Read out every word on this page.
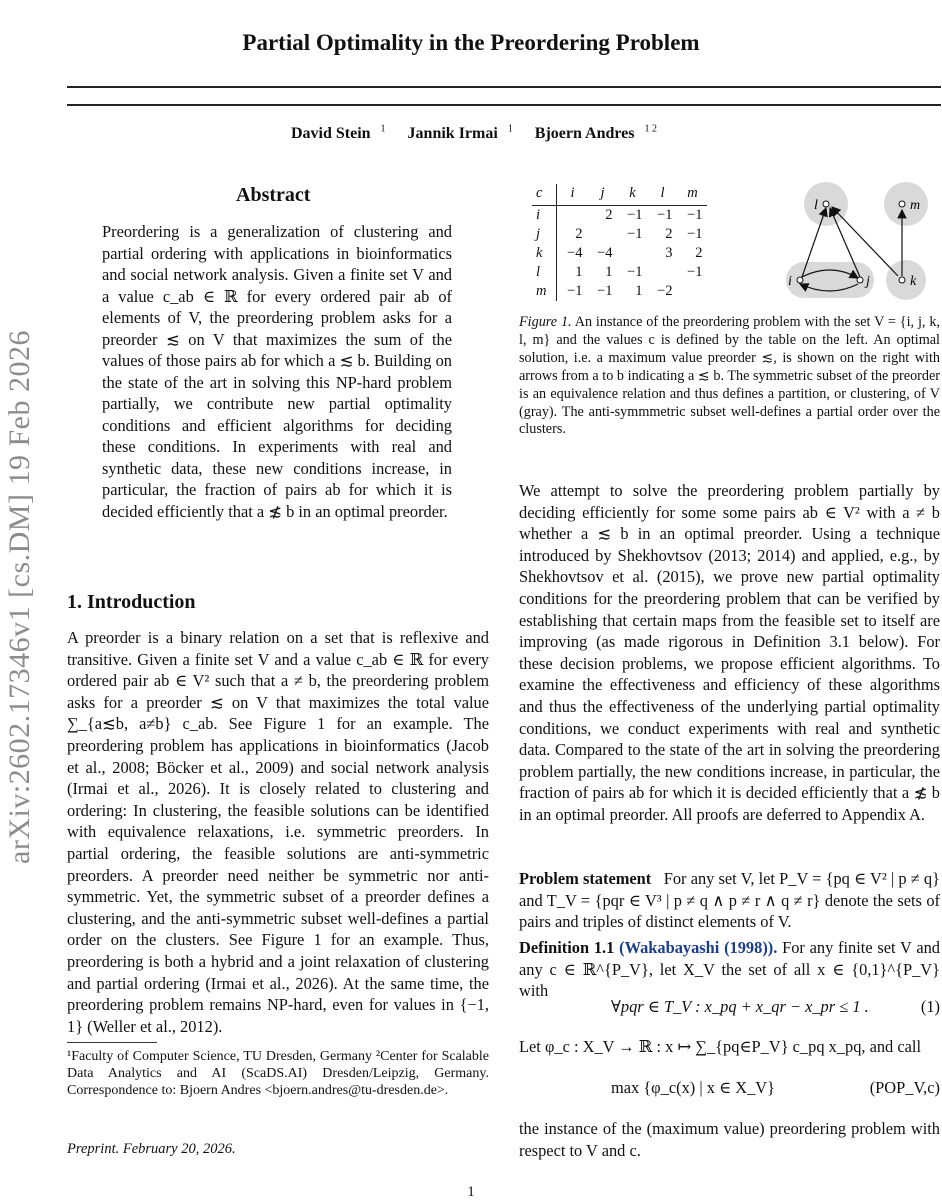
Partial Optimality in the Preordering Problem
David Stein $^1$ Jannik Irmai $^1$ Bjoern Andres $^{1 2}$
arXiv:2602.17346v1 [cs.DM] 19 Feb 2026
Abstract
Preordering is a generalization of clustering and partial ordering with applications in bioinformatics and social network analysis. Given a finite set V and a value c_ab ∈ ℝ for every ordered pair ab of elements of V, the preordering problem asks for a preorder ≲ on V that maximizes the sum of the values of those pairs ab for which a ≲ b. Building on the state of the art in solving this NP-hard problem partially, we contribute new partial optimality conditions and efficient algorithms for deciding these conditions. In experiments with real and synthetic data, these new conditions increase, in particular, the fraction of pairs ab for which it is decided efficiently that a ≴ b in an optimal preorder.
1. Introduction
A preorder is a binary relation on a set that is reflexive and transitive. Given a finite set V and a value c_ab ∈ ℝ for every ordered pair ab ∈ V² such that a ≠ b, the preordering problem asks for a preorder ≲ on V that maximizes the total value ∑_{a≲b, a≠b} c_ab. See Figure 1 for an example. The preordering problem has applications in bioinformatics (Jacob et al., 2008; Böcker et al., 2009) and social network analysis (Irmai et al., 2026). It is closely related to clustering and ordering: In clustering, the feasible solutions can be identified with equivalence relaxations, i.e. symmetric preorders. In partial ordering, the feasible solutions are anti-symmetric preorders. A preorder need neither be symmetric nor anti-symmetric. Yet, the symmetric subset of a preorder defines a clustering, and the anti-symmetric subset well-defines a partial order on the clusters. See Figure 1 for an example. Thus, preordering is both a hybrid and a joint relaxation of clustering and partial ordering (Irmai et al., 2026). At the same time, the preordering problem remains NP-hard, even for values in {−1, 1} (Weller et al., 2012).
¹Faculty of Computer Science, TU Dresden, Germany ²Center for Scalable Data Analytics and AI (ScaDS.AI) Dresden/Leipzig, Germany. Correspondence to: Bjoern Andres <bjoern.andres@tu-dresden.de>.
Preprint. February 20, 2026.
1
c	i	j	k	l	m
i		2	−1	−1	−1
j	2		−1	2	−1
k	−4	−4		3	2
l	1	1	−1		−1
m	−1	−1	1	−2	
l	m
i	j	k
Figure 1. An instance of the preordering problem with the set V = {i, j, k, l, m} and the values c is defined by the table on the left. An optimal solution, i.e. a maximum value preorder ≲, is shown on the right with arrows from a to b indicating a ≲ b. The symmetric subset of the preorder is an equivalence relation and thus defines a partition, or clustering, of V (gray). The anti-symmmetric subset well-defines a partial order over the clusters.
We attempt to solve the preordering problem partially by deciding efficiently for some some pairs ab ∈ V² with a ≠ b whether a ≲ b in an optimal preorder. Using a technique introduced by Shekhovtsov (2013; 2014) and applied, e.g., by Shekhovtsov et al. (2015), we prove new partial optimality conditions for the preordering problem that can be verified by establishing that certain maps from the feasible set to itself are improving (as made rigorous in Definition 3.1 below). For these decision problems, we propose efficient algorithms. To examine the effectiveness and efficiency of these algorithms and thus the effectiveness of the underlying partial optimality conditions, we conduct experiments with real and synthetic data. Compared to the state of the art in solving the preordering problem partially, the new conditions increase, in particular, the fraction of pairs ab for which it is decided efficiently that a ≴ b in an optimal preorder. All proofs are deferred to Appendix A.
Problem statement For any set V, let P_V = {pq ∈ V² | p ≠ q} and T_V = {pqr ∈ V³ | p ≠ q ∧ p ≠ r ∧ q ≠ r} denote the sets of pairs and triples of distinct elements of V.
Definition 1.1 (Wakabayashi (1998)). For any finite set V and any c ∈ ℝ^{P_V}, let X_V the set of all x ∈ {0,1}^{P_V} with
∀pqr ∈ T_V : x_pq + x_qr − x_pr ≤ 1 .	(1)
Let φ_c : X_V → ℝ : x ↦ ∑_{pq∈P_V} c_pq x_pq, and call
max {φ_c(x) | x ∈ X_V}	(POP_V,c)
the instance of the (maximum value) preordering problem with respect to V and c.
